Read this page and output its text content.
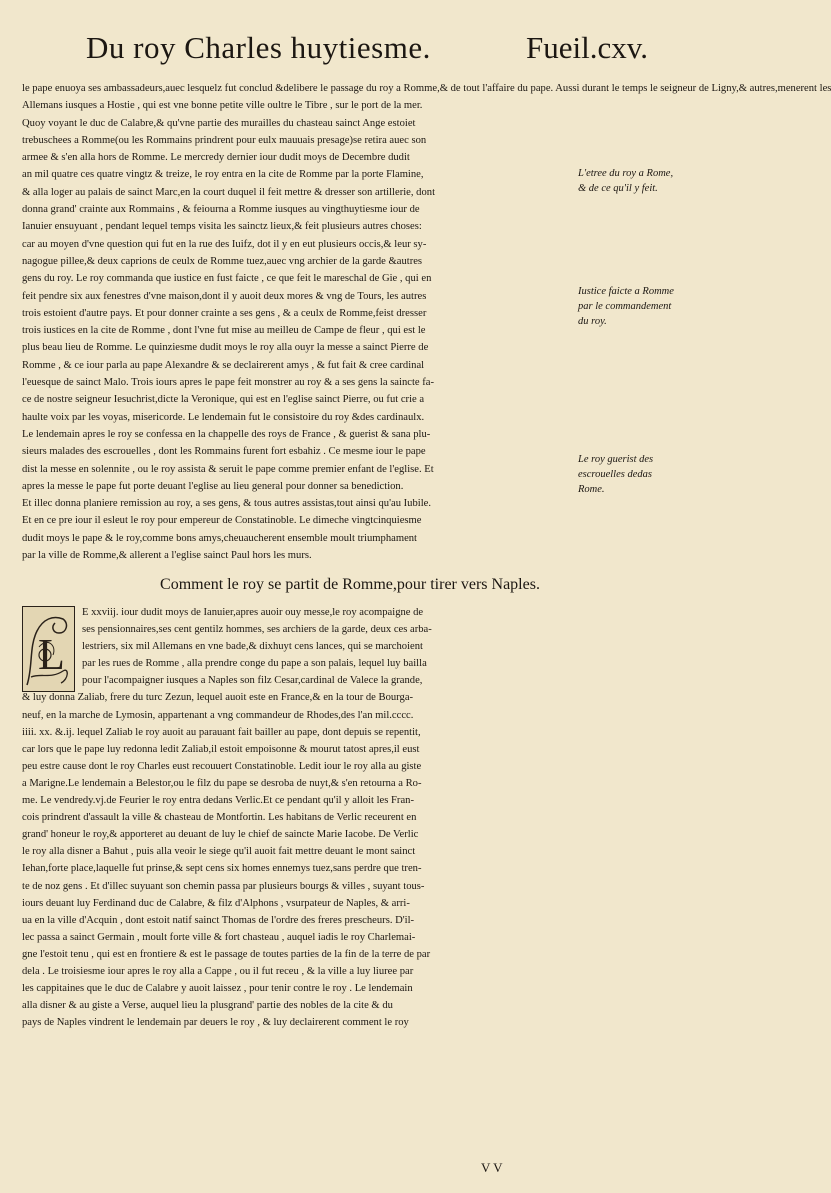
Du roy Charles huytiesme.	Fueil.cxv.
le pape enuoya ses ambassadeurs,auec lesquelz fut conclud &delibere le passage du roy a Romme,& de tout l'affaire du pape. Aussi durant le temps le seigneur de Ligny,& autres,menerent les
Allemans iusques a Hostie , qui est vne bonne petite ville oultre le Tibre , sur le port de la mer.
Quoy voyant le duc de Calabre,& qu'vne partie des murailles du chasteau sainct Ange estoiet
trebuschees a Romme(ou les Rommains prindrent pour eulx mauuais presage)se retira auec son
armee & s'en alla hors de Romme. Le mercredy dernier iour dudit moys de Decembre dudit
an mil quatre ces quatre vingtz & treize, le roy entra en la cite de Romme par la porte Flamine,
& alla loger au palais de sainct Marc,en la court duquel il feit mettre & dresser son artillerie, dont
donna grand' crainte aux Rommains , & feiourna a Romme iusques au vingthuytiesme iour de
Ianuier ensuyuant , pendant lequel temps visita les sainctz lieux,& feit plusieurs autres choses:
car au moyen d'vne question qui fut en la rue des Iuifz, dot il y en eut plusieurs occis,& leur sy-
nagogue pillee,& deux caprions de ceulx de Romme tuez,auec vng archier de la garde &autres
gens du roy. Le roy commanda que iustice en fust faicte , ce que feit le mareschal de Gie , qui en
feit pendre six aux fenestres d'vne maison,dont il y auoit deux mores & vng de Tours, les autres
trois estoient d'autre pays. Et pour donner crainte a ses gens , & a ceulx de Romme,feist dresser
trois iustices en la cite de Romme , dont l'vne fut mise au meilleu de Campe de fleur , qui est le
plus beau lieu de Romme. Le quinziesme dudit moys le roy alla ouyr la messe a sainct Pierre de
Romme , & ce iour parla au pape Alexandre & se declairerent amys , & fut fait & cree cardinal
l'euesque de sainct Malo. Trois iours apres le pape feit monstrer au roy & a ses gens la saincte fa-
ce de nostre seigneur Iesuchrist,dicte la Veronique, qui est en l'eglise sainct Pierre, ou fut crie a
haulte voix par les voyas, misericorde. Le lendemain fut le consistoire du roy &des cardinaulx.
Le lendemain apres le roy se confessa en la chappelle des roys de France , & guerist & sana plu-
sieurs malades des escrouelles , dont les Rommains furent fort esbahiz . Ce mesme iour le pape
dist la messe en solennite , ou le roy assista & seruit le pape comme premier enfant de l'eglise. Et
apres la messe le pape fut porte deuant l'eglise au lieu general pour donner sa benediction.
Et illec donna planiere remission au roy, a ses gens, & tous autres assistas,tout ainsi qu'au Iubile.
Et en ce pre iour il esleut le roy pour empereur de Constatinoble. Le dimeche vingtcinquiesme
dudit moys le pape & le roy,comme bons amys,cheuaucherent ensemble moult triumphament
par la ville de Romme,& allerent a l'eglise sainct Paul hors les murs.
L'etree du roy a Rome, & de ce qu'il y feit.
Iustice faicte a Romme par le commandement du roy.
Le roy guerist des escrouelles dedas Rome.
Comment le roy se partit de Romme,pour tirer vers Naples.
L
E xxviij. iour dudit moys de Ianuier,apres auoir ouy messe,le roy acompaigne de
ses pensionnaires,ses cent gentilz hommes, ses archiers de la garde, deux ces arba-
lestriers, six mil Allemans en vne bade,& dixhuyt cens lances, qui se marchoient
par les rues de Romme , alla prendre conge du pape a son palais, lequel luy bailla
pour l'acompaigner iusques a Naples son filz Cesar,cardinal de Valece la grande,
& luy donna Zaliab, frere du turc Zezun, lequel auoit este en France,& en la tour de Bourga-
neuf, en la marche de Lymosin, appartenant a vng commandeur de Rhodes,des l'an mil.cccc.
iiii. xx. &.ij. lequel Zaliab le roy auoit au parauant fait bailler au pape, dont depuis se repentit,
car lors que le pape luy redonna ledit Zaliab,il estoit empoisonne & mourut tatost apres,il eust
peu estre cause dont le roy Charles eust recouuert Constatinoble. Ledit iour le roy alla au giste
a Marigne.Le lendemain a Belestor,ou le filz du pape se desroba de nuyt,& s'en retourna a Ro-
me. Le vendredy.vj.de Feurier le roy entra dedans Verlic.Et ce pendant qu'il y alloit les Fran-
cois prindrent d'assault la ville & chasteau de Montfortin. Les habitans de Verlic receurent en
grand' honeur le roy,& apporteret au deuant de luy le chief de saincte Marie Iacobe. De Verlic
le roy alla disner a Bahut , puis alla veoir le siege qu'il auoit fait mettre deuant le mont sainct
Iehan,forte place,laquelle fut prinse,& sept cens six homes ennemys tuez,sans perdre que tren-
te de noz gens . Et d'illec suyuant son chemin passa par plusieurs bourgs & villes , suyant tous-
iours deuant luy Ferdinand duc de Calabre, & filz d'Alphons , vsurpateur de Naples, & arri-
ua en la ville d'Acquin , dont estoit natif sainct Thomas de l'ordre des freres prescheurs. D'il-
lec passa a sainct Germain , moult forte ville & fort chasteau , auquel iadis le roy Charlemai-
gne l'estoit tenu , qui est en frontiere & est le passage de toutes parties de la fin de la terre de par
dela . Le troisiesme iour apres le roy alla a Cappe , ou il fut receu , & la ville a luy liuree par
les cappitaines que le duc de Calabre y auoit laissez , pour tenir contre le roy . Le lendemain
alla disner & au giste a Verse, auquel lieu la plusgrand' partie des nobles de la cite & du
pays de Naples vindrent le lendemain par deuers le roy , & luy declairerent comment le roy
V V
